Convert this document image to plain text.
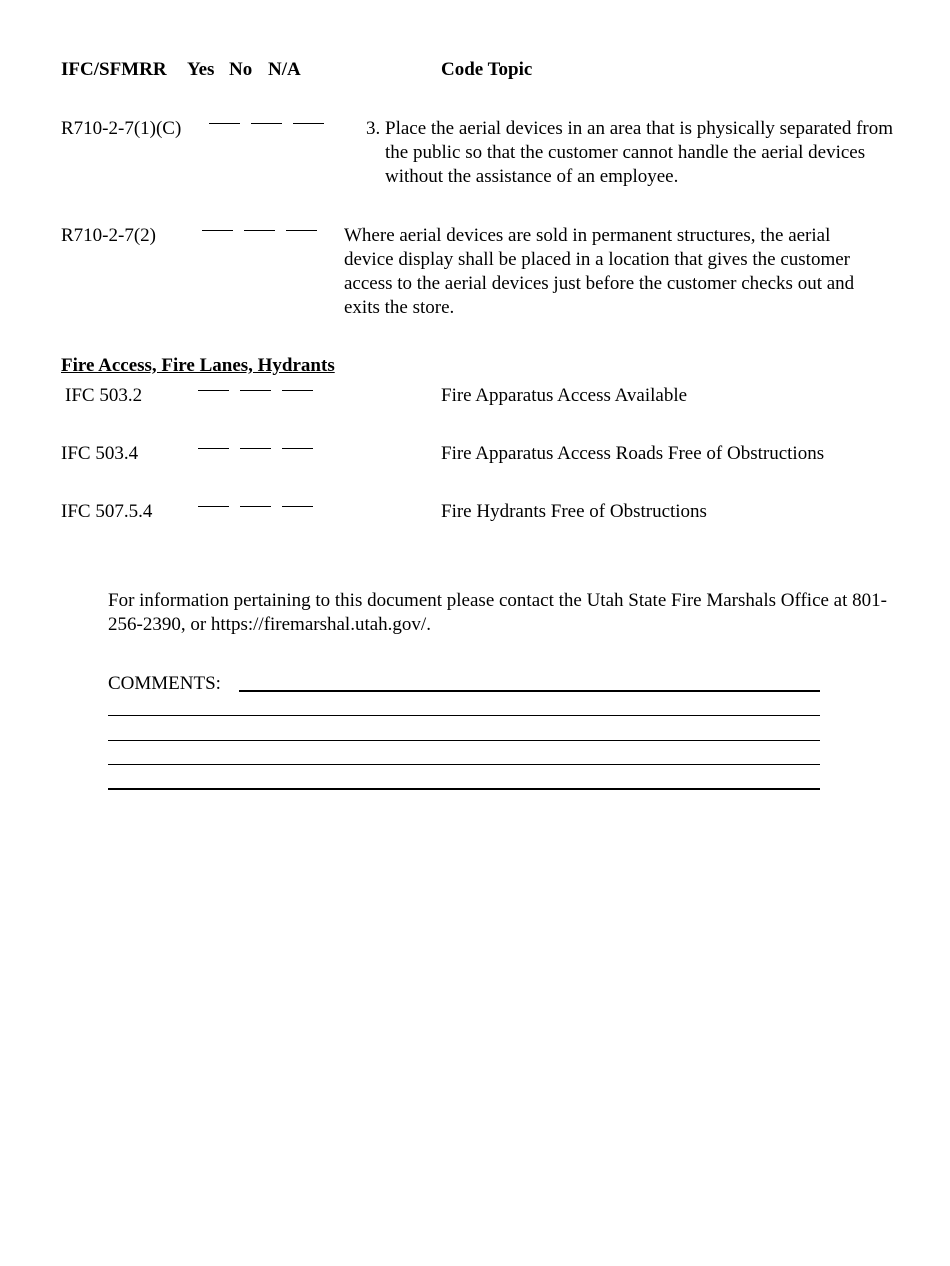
IFC/SFMRR Yes No N/A	Code Topic
R710-2-7(1)(C)	3. Place the aerial devices in an area that is physically separated from the public so that the customer cannot handle the aerial devices without the assistance of an employee.
R710-2-7(2)	Where aerial devices are sold in permanent structures, the aerial device display shall be placed in a location that gives the customer access to the aerial devices just before the customer checks out and exits the store.
Fire Access, Fire Lanes, Hydrants
IFC 503.2	Fire Apparatus Access Available
IFC 503.4	Fire Apparatus Access Roads Free of Obstructions
IFC 507.5.4	Fire Hydrants Free of Obstructions
For information pertaining to this document please contact the Utah State Fire Marshals Office at 801-256-2390, or https://firemarshal.utah.gov/.
COMMENTS:
